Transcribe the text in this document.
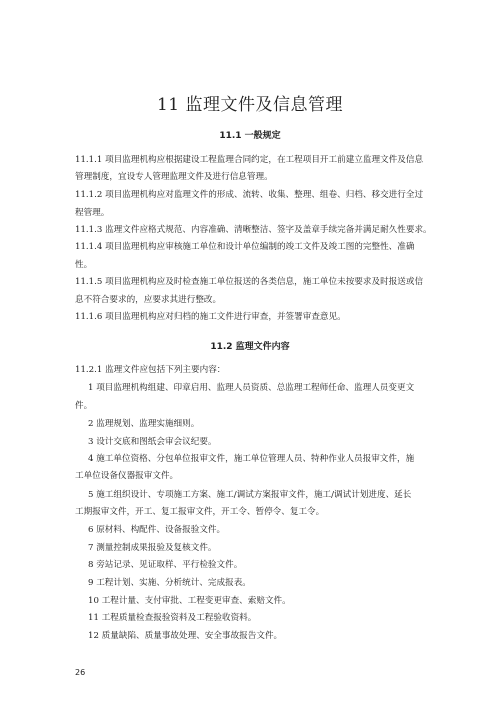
11 监理文件及信息管理
11.1 一般规定
11.1.1 项目监理机构应根据建设工程监理合同约定，在工程项目开工前建立监理文件及信息
管理制度，宜设专人管理监理文件及进行信息管理。
11.1.2 项目监理机构应对监理文件的形成、流转、收集、整理、组卷、归档、移交进行全过
程管理。
11.1.3 监理文件应格式规范、内容准确、清晰整洁、签字及盖章手续完备并满足耐久性要求。
11.1.4 项目监理机构应审核施工单位和设计单位编制的竣工文件及竣工图的完整性、准确
性。
11.1.5 项目监理机构应及时检查施工单位报送的各类信息，施工单位未按要求及时报送或信
息不符合要求的，应要求其进行整改。
11.1.6 项目监理机构应对归档的施工文件进行审查，并签署审查意见。
11.2 监理文件内容
11.2.1 监理文件应包括下列主要内容：
1 项目监理机构组建、印章启用、监理人员资质、总监理工程师任命、监理人员变更文
件。
2 监理规划、监理实施细则。
3 设计交底和图纸会审会议纪要。
4 施工单位资格、分包单位报审文件，施工单位管理人员、特种作业人员报审文件，施
工单位设备仪器报审文件。
5 施工组织设计、专项施工方案、施工/调试方案报审文件，施工/调试计划进度、延长
工期报审文件，开工、复工报审文件，开工令、暂停令、复工令。
6 原材料、构配件、设备报验文件。
7 测量控制成果报验及复核文件。
8 旁站记录、见证取样、平行检验文件。
9 工程计划、实施、分析统计、完成报表。
10 工程计量、支付审批、工程变更审查、索赔文件。
11 工程质量检查报验资料及工程验收资料。
12 质量缺陷、质量事故处理、安全事故报告文件。
26
